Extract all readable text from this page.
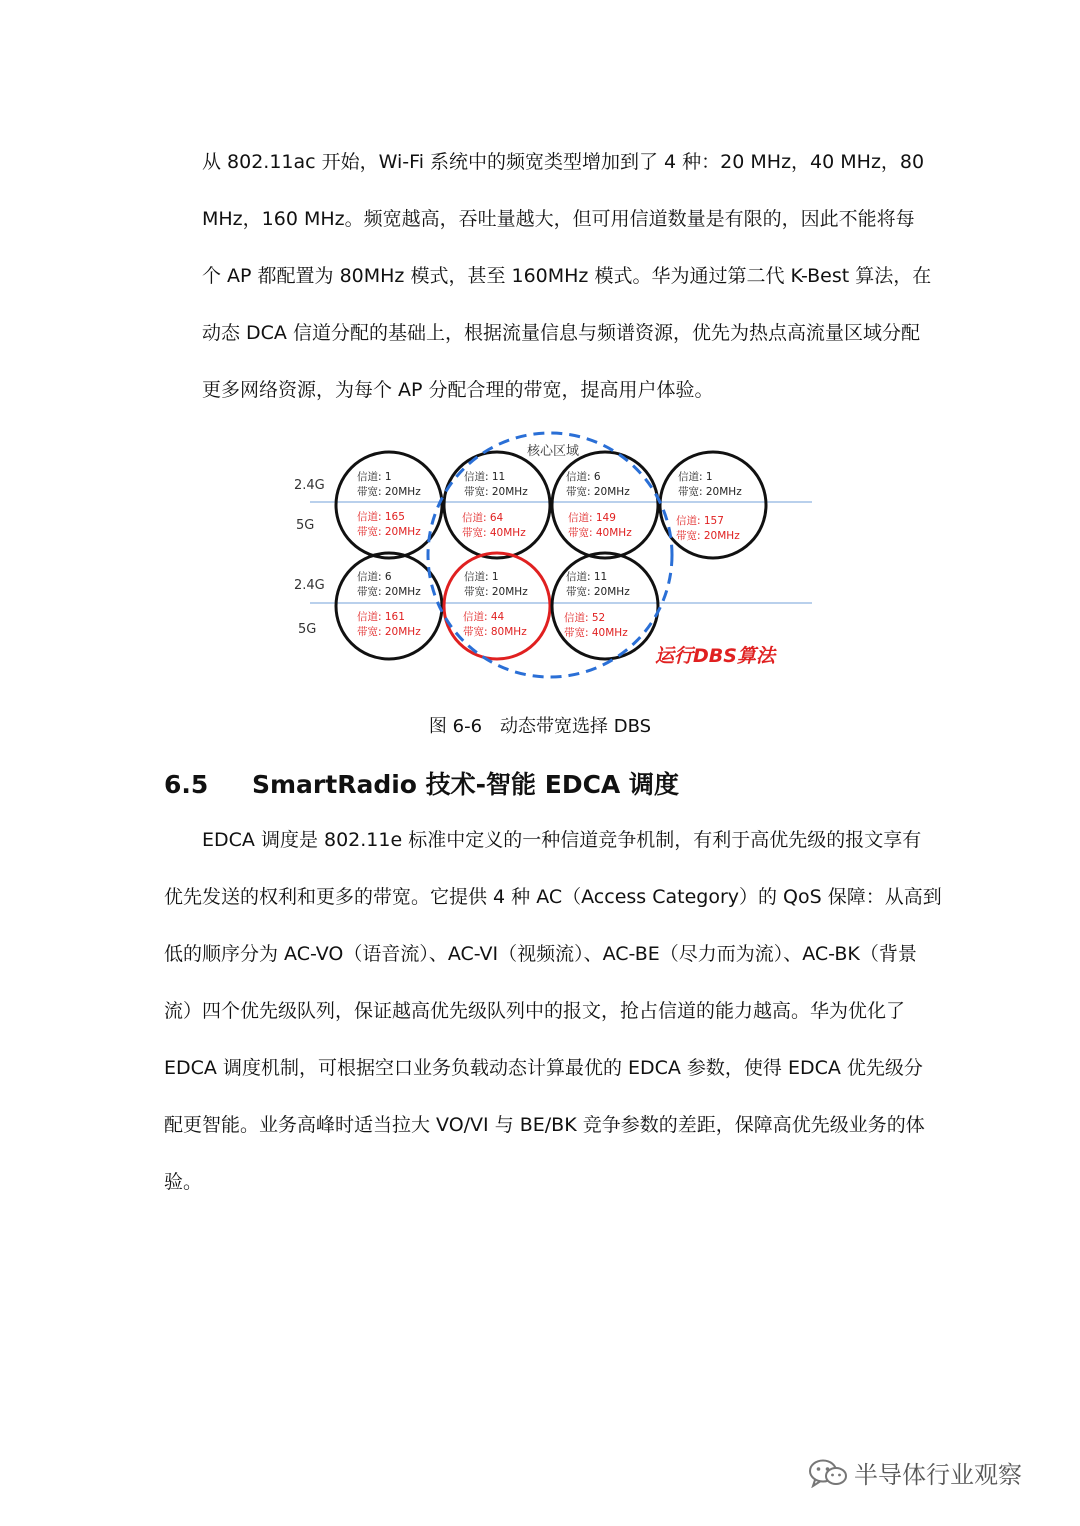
从 802.11ac 开始，Wi-Fi 系统中的频宽类型增加到了 4 种：20 MHz，40 MHz，80
MHz，160 MHz。频宽越高，吞吐量越大，但可用信道数量是有限的，因此不能将每
个 AP 都配置为 80MHz 模式，甚至 160MHz 模式。华为通过第二代 K-Best 算法，在
动态 DCA 信道分配的基础上，根据流量信息与频谱资源，优先为热点高流量区域分配
更多网络资源，为每个 AP 分配合理的带宽，提高用户体验。
2.4G
5G
2.4G
5G
核心区域
信道: 1
带宽: 20MHz
信道: 165
带宽: 20MHz
信道: 11
带宽: 20MHz
信道: 64
带宽: 40MHz
信道: 6
带宽: 20MHz
信道: 149
带宽: 40MHz
信道: 1
带宽: 20MHz
信道: 157
带宽: 20MHz
信道: 6
带宽: 20MHz
信道: 161
带宽: 20MHz
信道: 1
带宽: 20MHz
信道: 44
带宽: 80MHz
信道: 11
带宽: 20MHz
信道: 52
带宽: 40MHz
运行DBS算法
图 6-6　动态带宽选择 DBS
6.5 SmartRadio 技术-智能 EDCA 调度
EDCA 调度是 802.11e 标准中定义的一种信道竞争机制，有利于高优先级的报文享有
优先发送的权利和更多的带宽。它提供 4 种 AC（Access Category）的 QoS 保障：从高到
低的顺序分为 AC-VO（语音流）、AC-VI（视频流）、AC-BE（尽力而为流）、AC-BK（背景
流）四个优先级队列，保证越高优先级队列中的报文，抢占信道的能力越高。华为优化了
EDCA 调度机制，可根据空口业务负载动态计算最优的 EDCA 参数，使得 EDCA 优先级分
配更智能。业务高峰时适当拉大 VO/VI 与 BE/BK 竞争参数的差距，保障高优先级业务的体
验。
半导体行业观察
